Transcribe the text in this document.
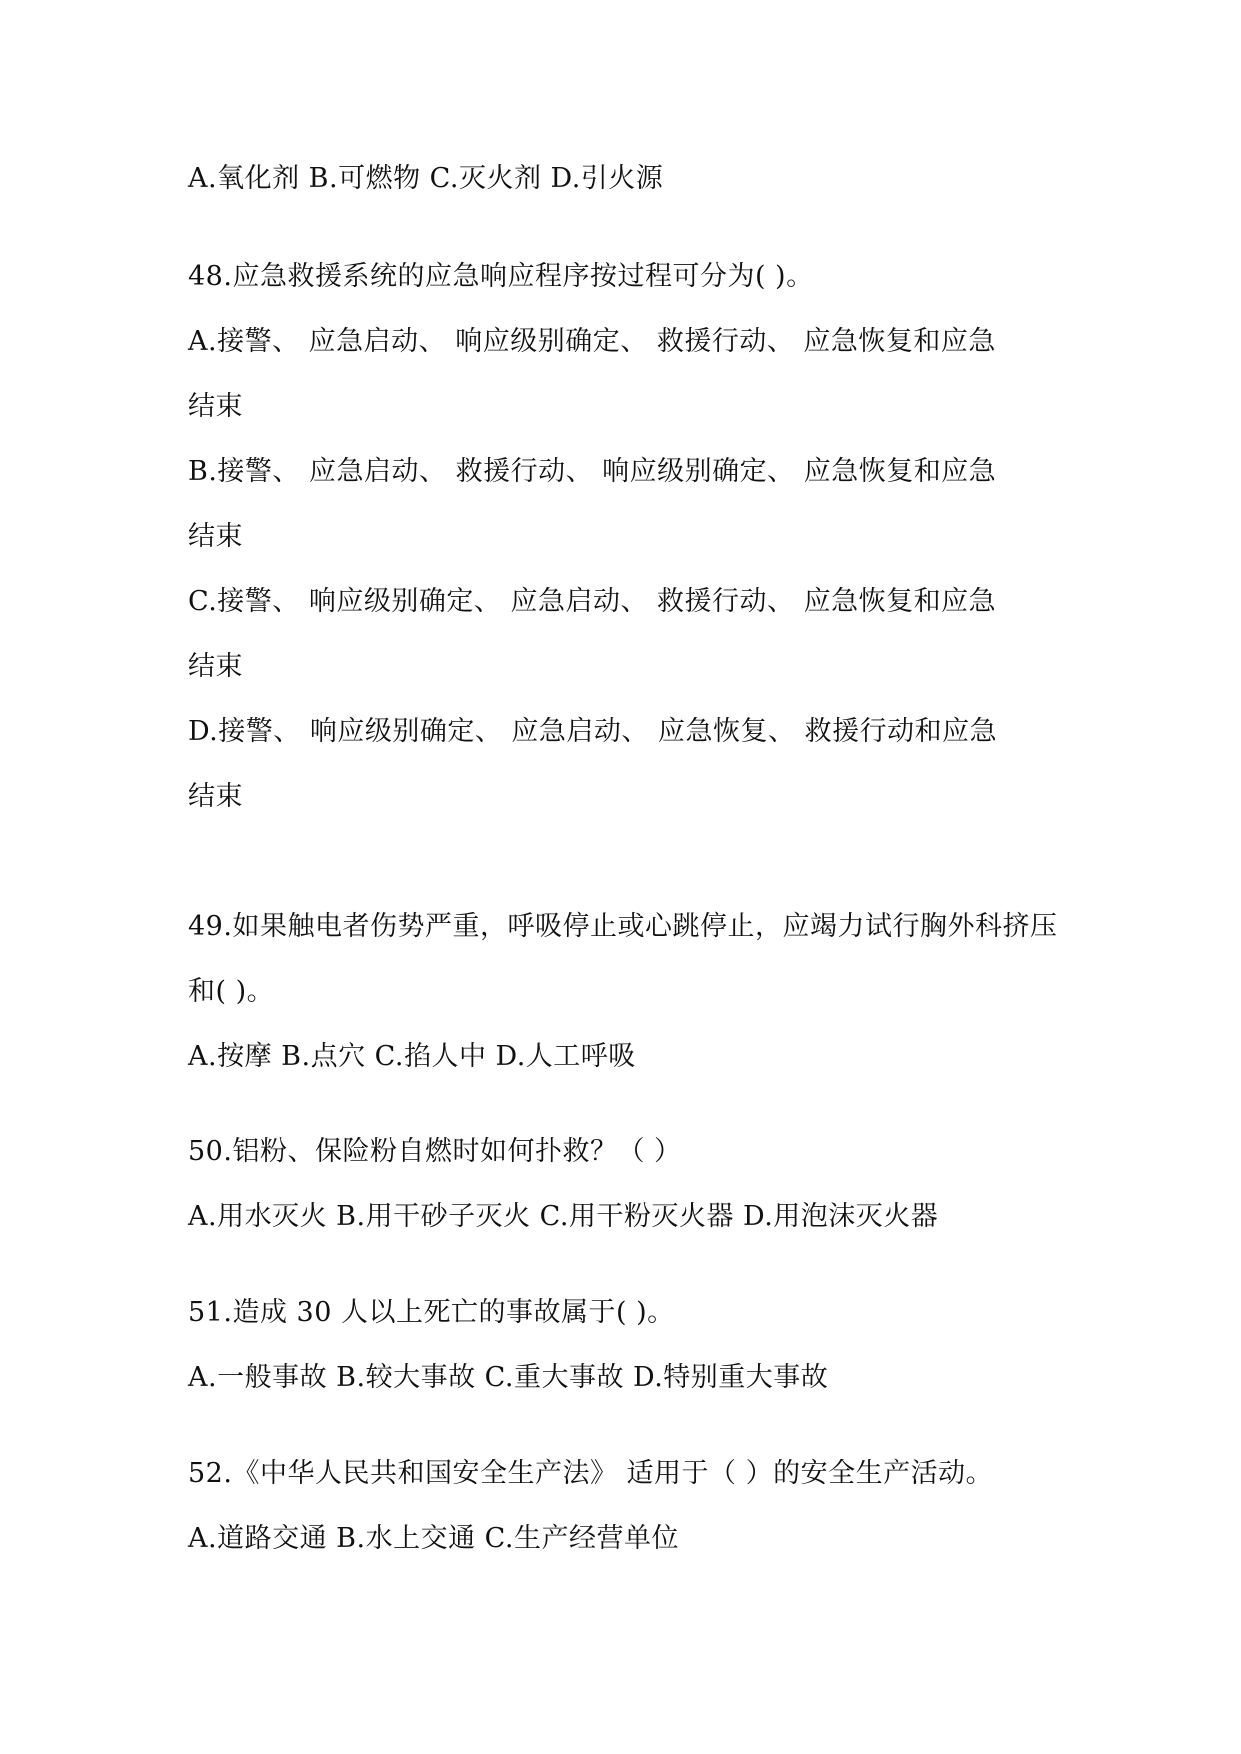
A.氧化剂 B.可燃物 C.灭火剂 D.引火源
48.应急救援系统的应急响应程序按过程可分为( )。
A.接警、 应急启动、 响应级别确定、 救援行动、 应急恢复和应急
结束
B.接警、 应急启动、 救援行动、 响应级别确定、 应急恢复和应急
结束
C.接警、 响应级别确定、 应急启动、 救援行动、 应急恢复和应急
结束
D.接警、 响应级别确定、 应急启动、 应急恢复、 救援行动和应急
结束
49.如果触电者伤势严重，呼吸停止或心跳停止，应竭力试行胸外科挤压
和( )。
A.按摩 B.点穴 C.掐人中 D.人工呼吸
50.铝粉、保险粉自燃时如何扑救？（ ）
A.用水灭火 B.用干砂子灭火 C.用干粉灭火器 D.用泡沫灭火器
51.造成 30 人以上死亡的事故属于( )。
A.一般事故 B.较大事故 C.重大事故 D.特别重大事故
52.《中华人民共和国安全生产法》 适用于（ ）的安全生产活动。
A.道路交通 B.水上交通 C.生产经营单位
